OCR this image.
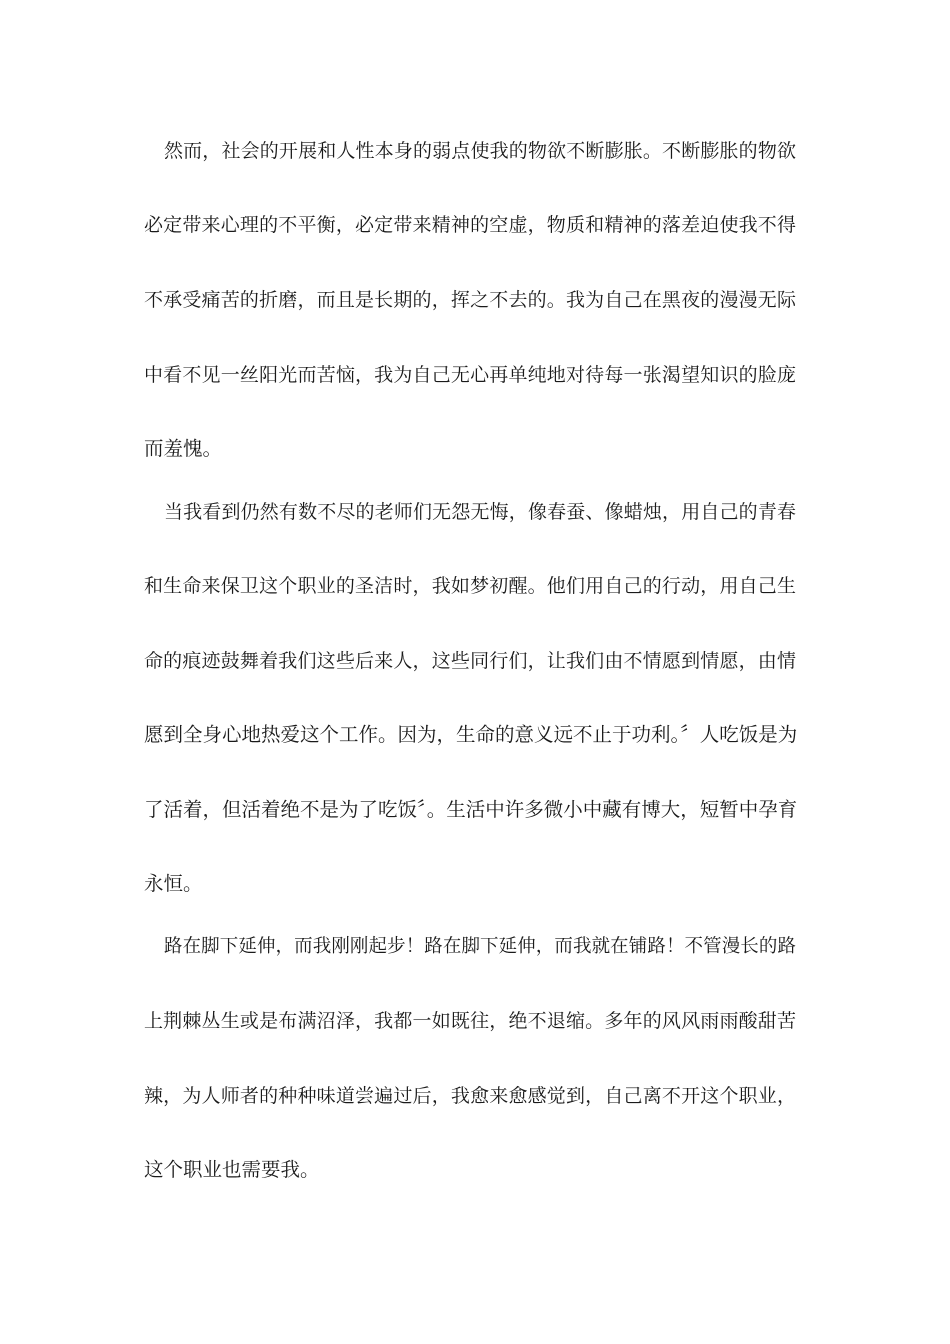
然而，社会的开展和人性本身的弱点使我的物欲不断膨胀。不断膨胀的物欲
必定带来心理的不平衡，必定带来精神的空虚，物质和精神的落差迫使我不得
不承受痛苦的折磨，而且是长期的，挥之不去的。我为自己在黑夜的漫漫无际
中看不见一丝阳光而苦恼，我为自己无心再单纯地对待每一张渴望知识的脸庞
而羞愧。
当我看到仍然有数不尽的老师们无怨无悔，像春蚕、像蜡烛，用自己的青春
和生命来保卫这个职业的圣洁时，我如梦初醒。他们用自己的行动，用自己生
命的痕迹鼓舞着我们这些后来人，这些同行们，让我们由不情愿到情愿，由情
愿到全身心地热爱这个工作。因为，生命的意义远不止于功利。〞人吃饭是为
了活着，但活着绝不是为了吃饭〞。生活中许多微小中藏有博大，短暂中孕育
永恒。
路在脚下延伸，而我刚刚起步！路在脚下延伸，而我就在铺路！不管漫长的路
上荆棘丛生或是布满沼泽，我都一如既往，绝不退缩。多年的风风雨雨酸甜苦
辣，为人师者的种种味道尝遍过后，我愈来愈感觉到，自己离不开这个职业，
这个职业也需要我。
